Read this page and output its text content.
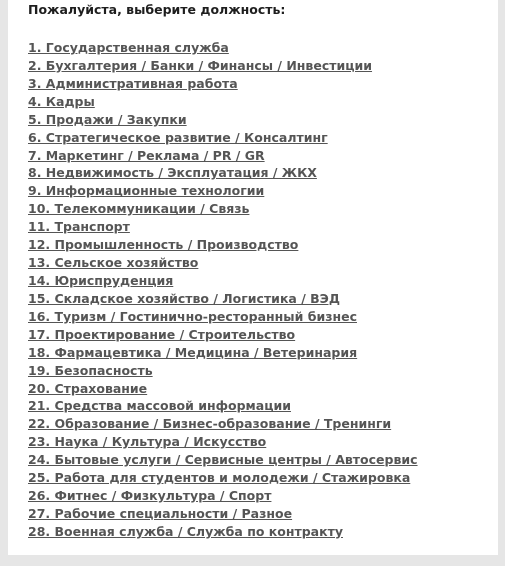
Пожалуйста, выберите должность:
1. Государственная служба
2. Бухгалтерия / Банки / Финансы / Инвестиции
3. Административная работа
4. Кадры
5. Продажи / Закупки
6. Стратегическое развитие / Консалтинг
7. Маркетинг / Реклама / PR / GR
8. Недвижимость / Эксплуатация / ЖКХ
9. Информационные технологии
10. Телекоммуникации / Связь
11. Транспорт
12. Промышленность / Производство
13. Сельское хозяйство
14. Юриспруденция
15. Складское хозяйство / Логистика / ВЭД
16. Туризм / Гостинично-ресторанный бизнес
17. Проектирование / Строительство
18. Фармацевтика / Медицина / Ветеринария
19. Безопасность
20. Страхование
21. Средства массовой информации
22. Образование / Бизнес-образование / Тренинги
23. Наука / Культура / Искусство
24. Бытовые услуги / Сервисные центры / Автосервис
25. Работа для студентов и молодежи / Стажировка
26. Фитнес / Физкультура / Спорт
27. Рабочие специальности / Разное
28. Военная служба / Служба по контракту
